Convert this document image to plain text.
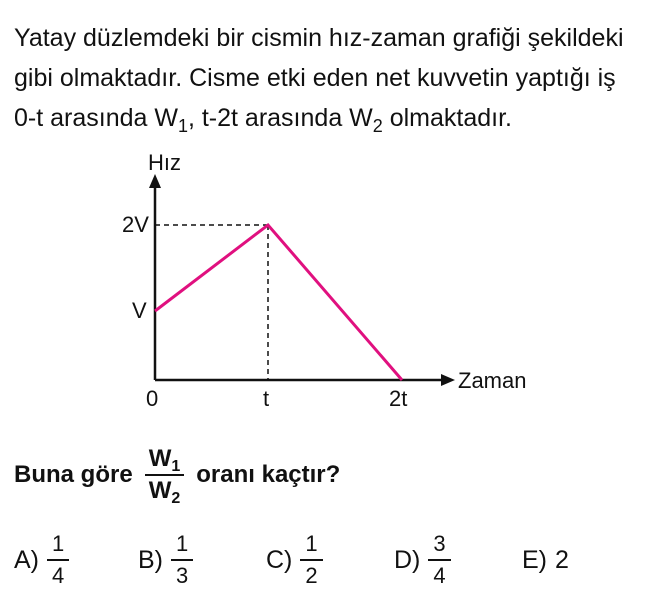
Yatay düzlemdeki bir cismin hız-zaman grafiği şekildeki
gibi olmaktadır. Cisme etki eden net kuvvetin yaptığı iş
0-t arasında $W_1$, t-2t arasında $W_2$ olmaktadır.
Hız
Zaman
0	t	2t
V
2V
Buna göre $\frac{W_1}{W_2}$ oranı kaçtır?
$A) \frac{1}{4}$	$B) \frac{1}{3}$	$C) \frac{1}{2}$	$D) \frac{3}{4}$	E) 2
